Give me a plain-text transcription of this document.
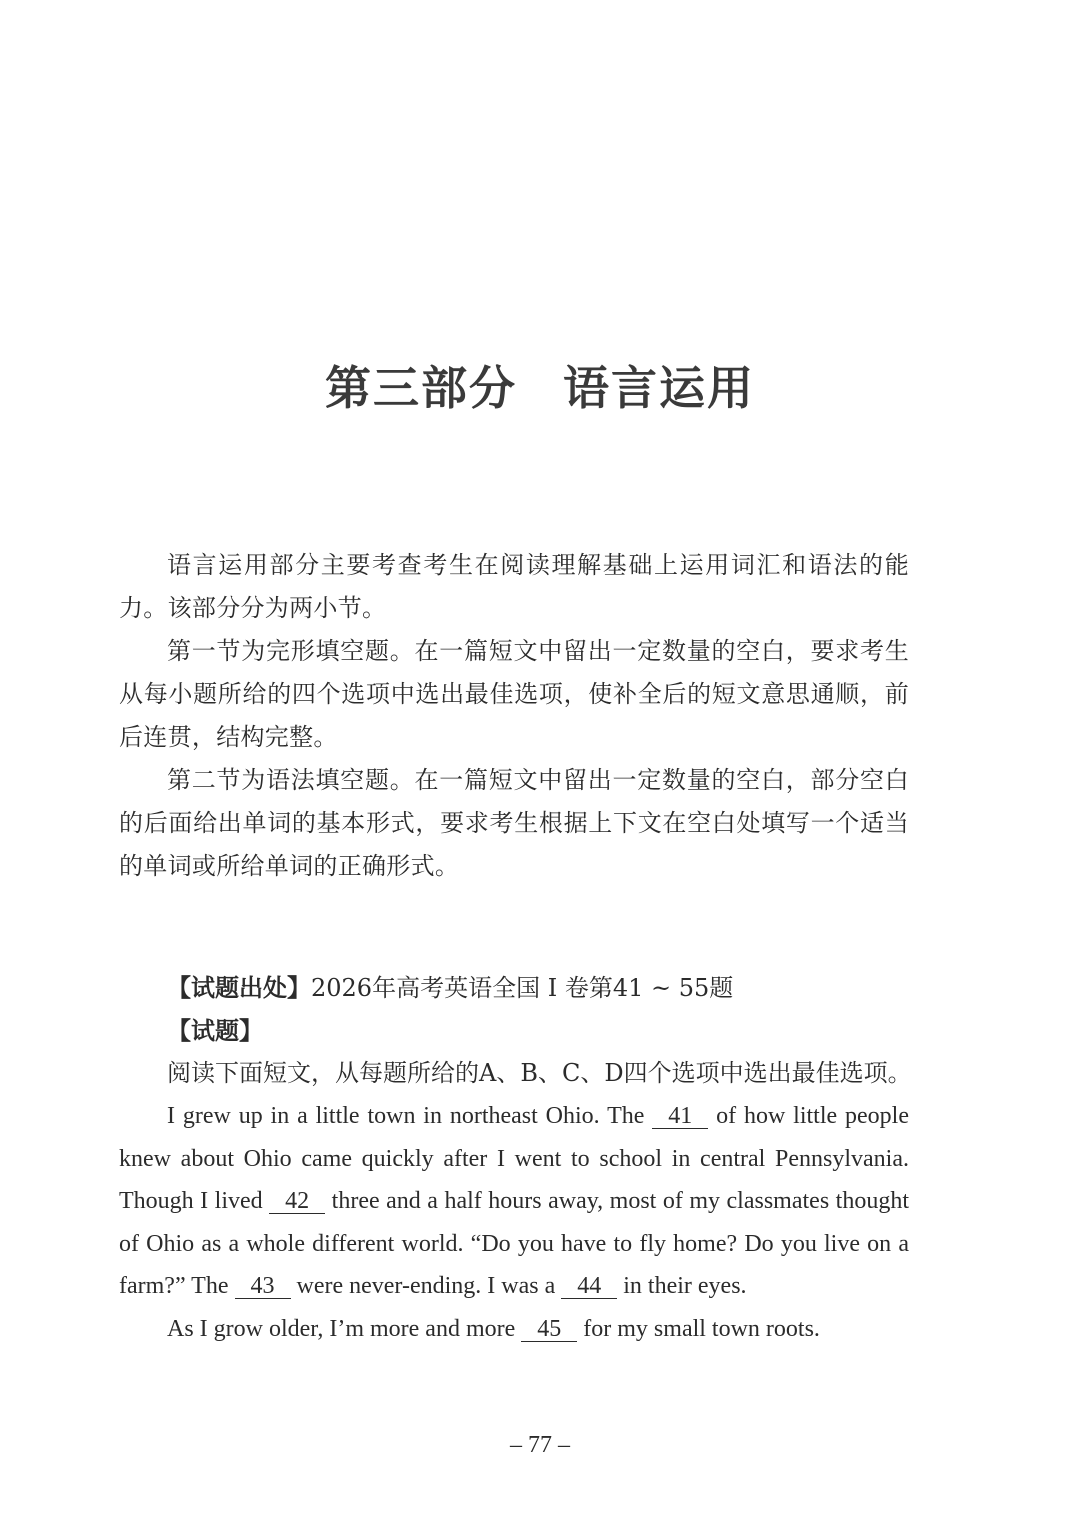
第三部分 语言运用

语言运用部分主要考查考生在阅读理解基础上运用词汇和语法的能力。该部分分为两小节。

第一节为完形填空题。在一篇短文中留出一定数量的空白，要求考生从每小题所给的四个选项中选出最佳选项，使补全后的短文意思通顺，前后连贯，结构完整。

第二节为语法填空题。在一篇短文中留出一定数量的空白，部分空白的后面给出单词的基本形式，要求考生根据上下文在空白处填写一个适当的单词或所给单词的正确形式。

【试题出处】2026年高考英语全国 I 卷第41 ~ 55题
【试题】
阅读下面短文，从每题所给的A、B、C、D四个选项中选出最佳选项。

I grew up in a little town in northeast Ohio. The 41 of how little people knew about Ohio came quickly after I went to school in central Pennsylvania. Though I lived 42 three and a half hours away, most of my classmates thought of Ohio as a whole different world. “Do you have to fly home? Do you live on a farm?” The 43 were never-ending. I was a 44 in their eyes.

As I grow older, I’m more and more 45 for my small town roots.

– 77 –
